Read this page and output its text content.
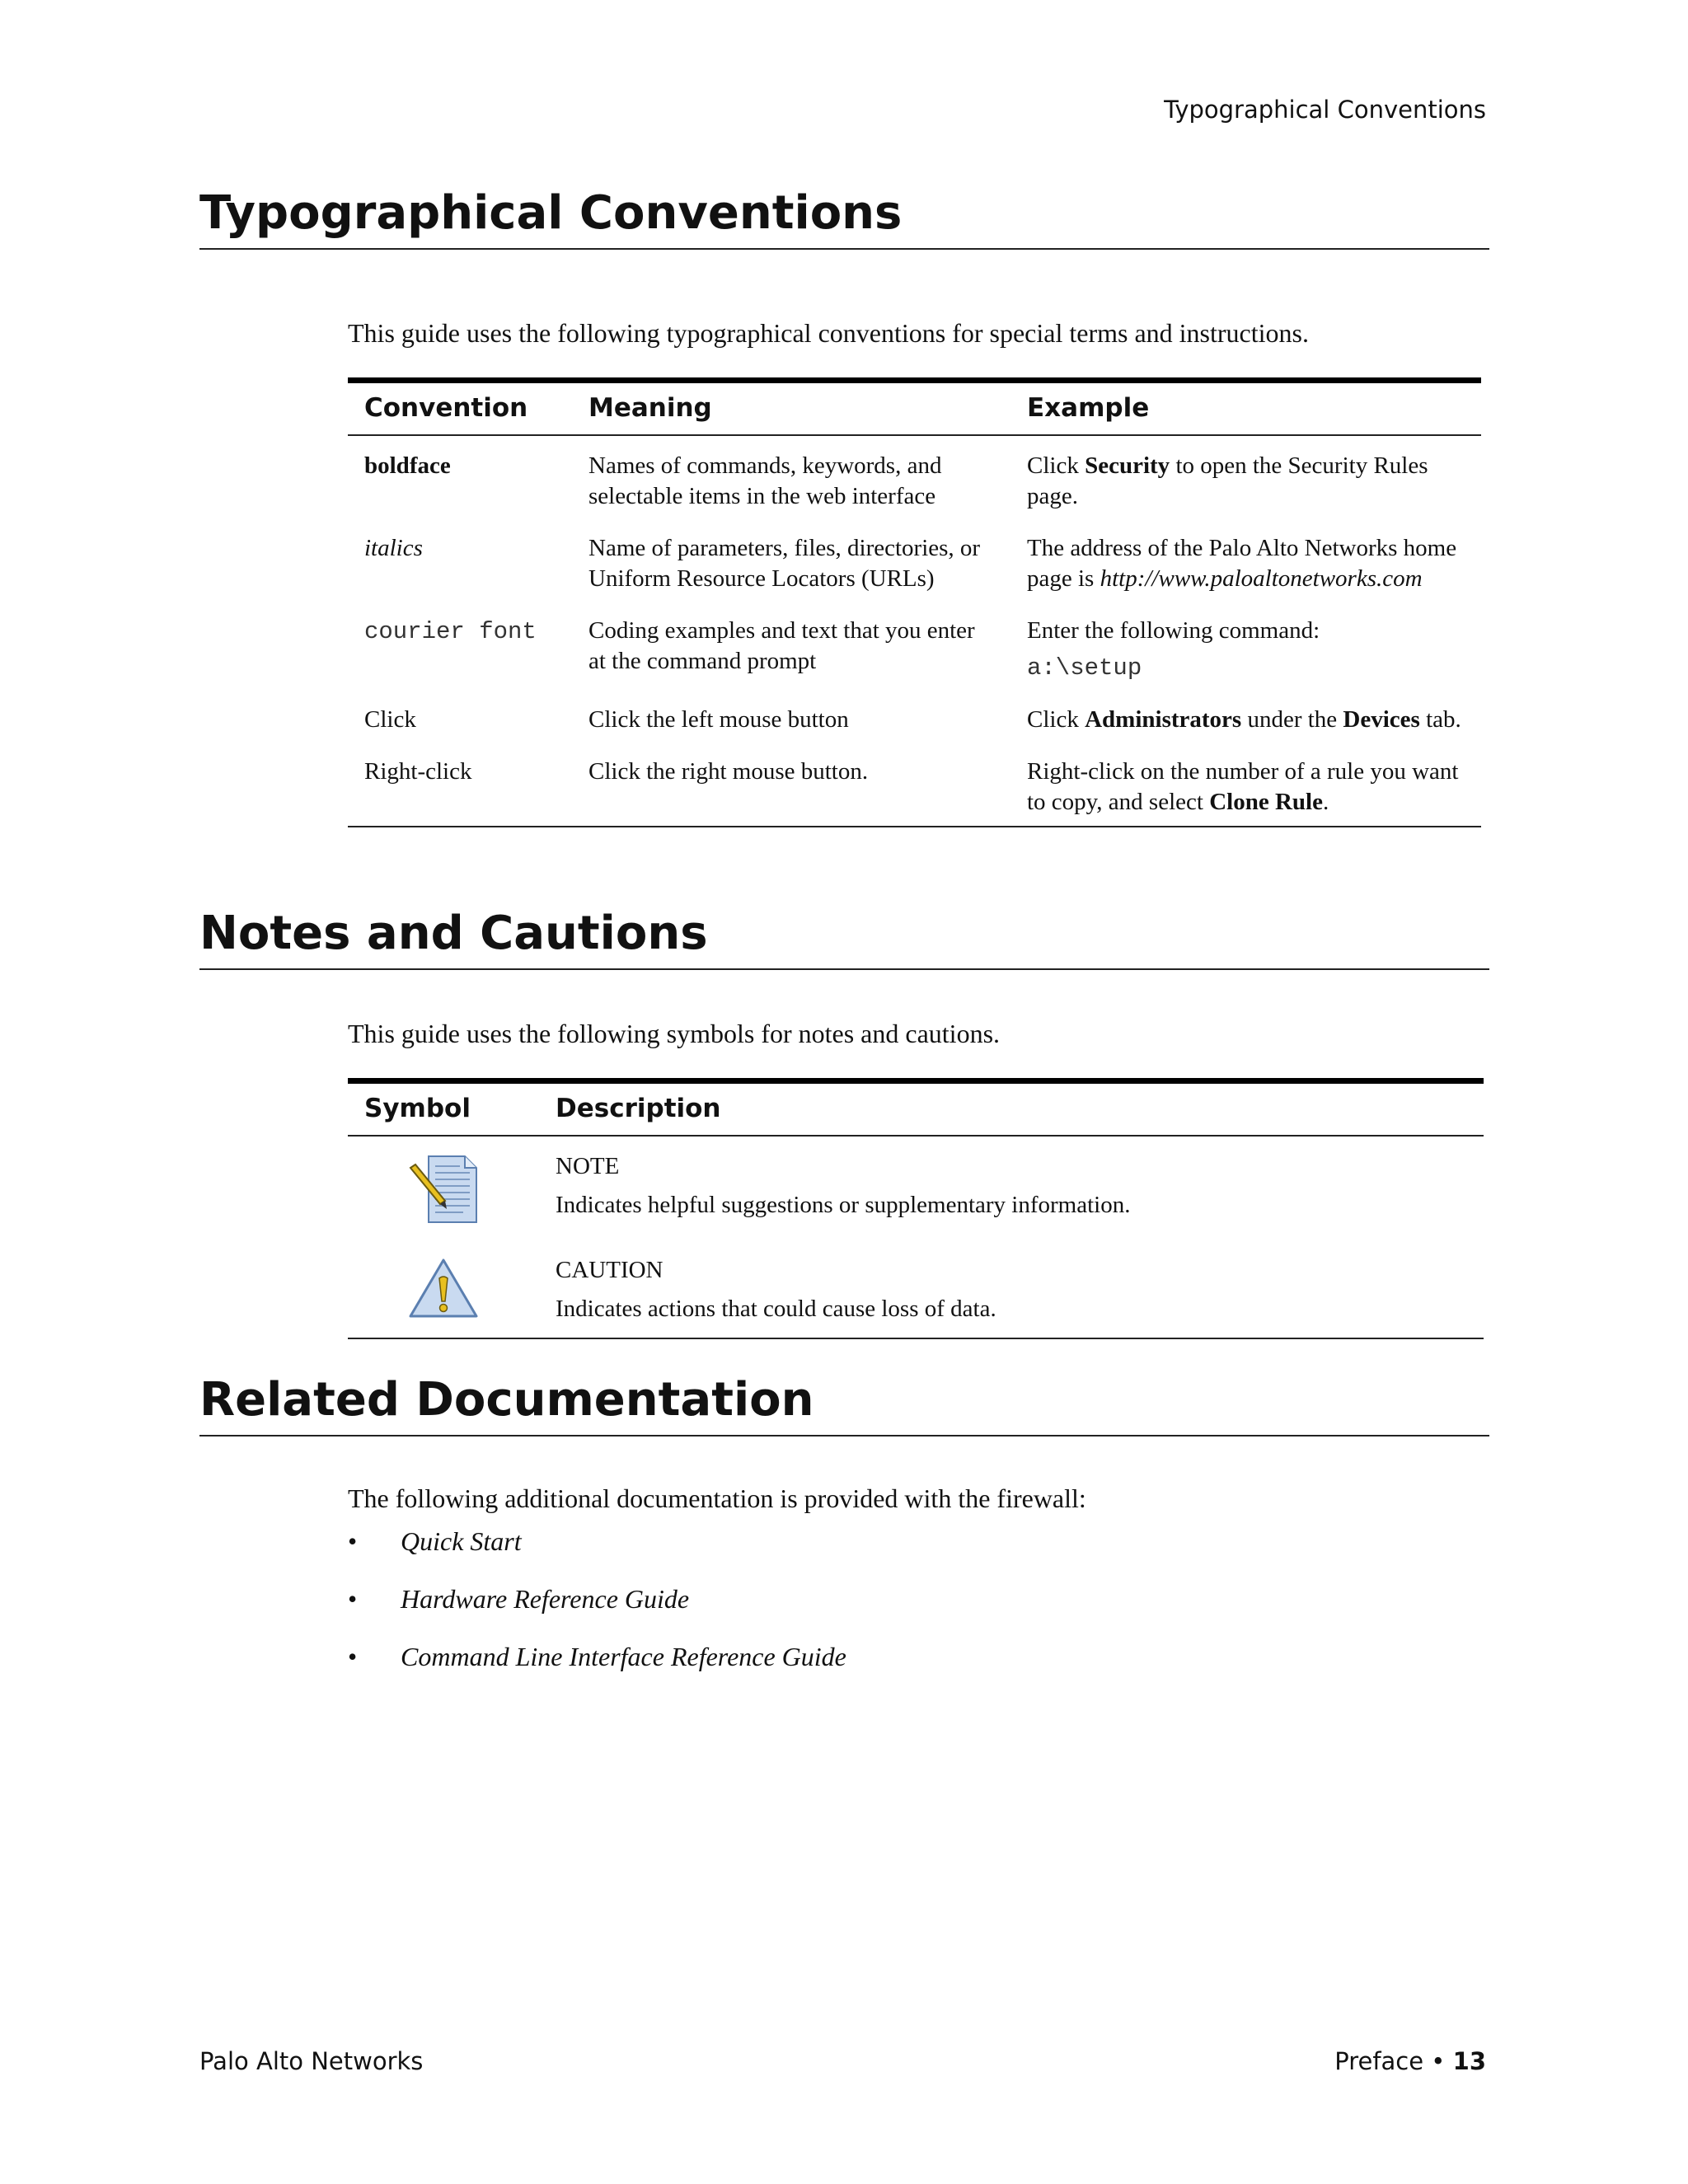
Typographical Conventions
Typographical Conventions

This guide uses the following typographical conventions for special terms and instructions.

Convention	Meaning	Example
boldface	Names of commands, keywords, and selectable items in the web interface	Click Security to open the Security Rules page.
italics	Name of parameters, files, directories, or Uniform Resource Locators (URLs)	The address of the Palo Alto Networks home page is http://www.paloaltonetworks.com
courier font	Coding examples and text that you enter at the command prompt	Enter the following command:
a:\setup

Click	Click the left mouse button	Click Administrators under the Devices tab.
Right-click	Click the right mouse button.	Right-click on the number of a rule you want to copy, and select Clone Rule.
Notes and Cautions

This guide uses the following symbols for notes and cautions.

Symbol	Description

NOTE
Indicates helpful suggestions or supplementary information.

CAUTION
Indicates actions that could cause loss of data.
Related Documentation

The following additional documentation is provided with the firewall:

• Quick Start
• Hardware Reference Guide
• Command Line Interface Reference Guide
Palo Alto Networks	Preface • 13
